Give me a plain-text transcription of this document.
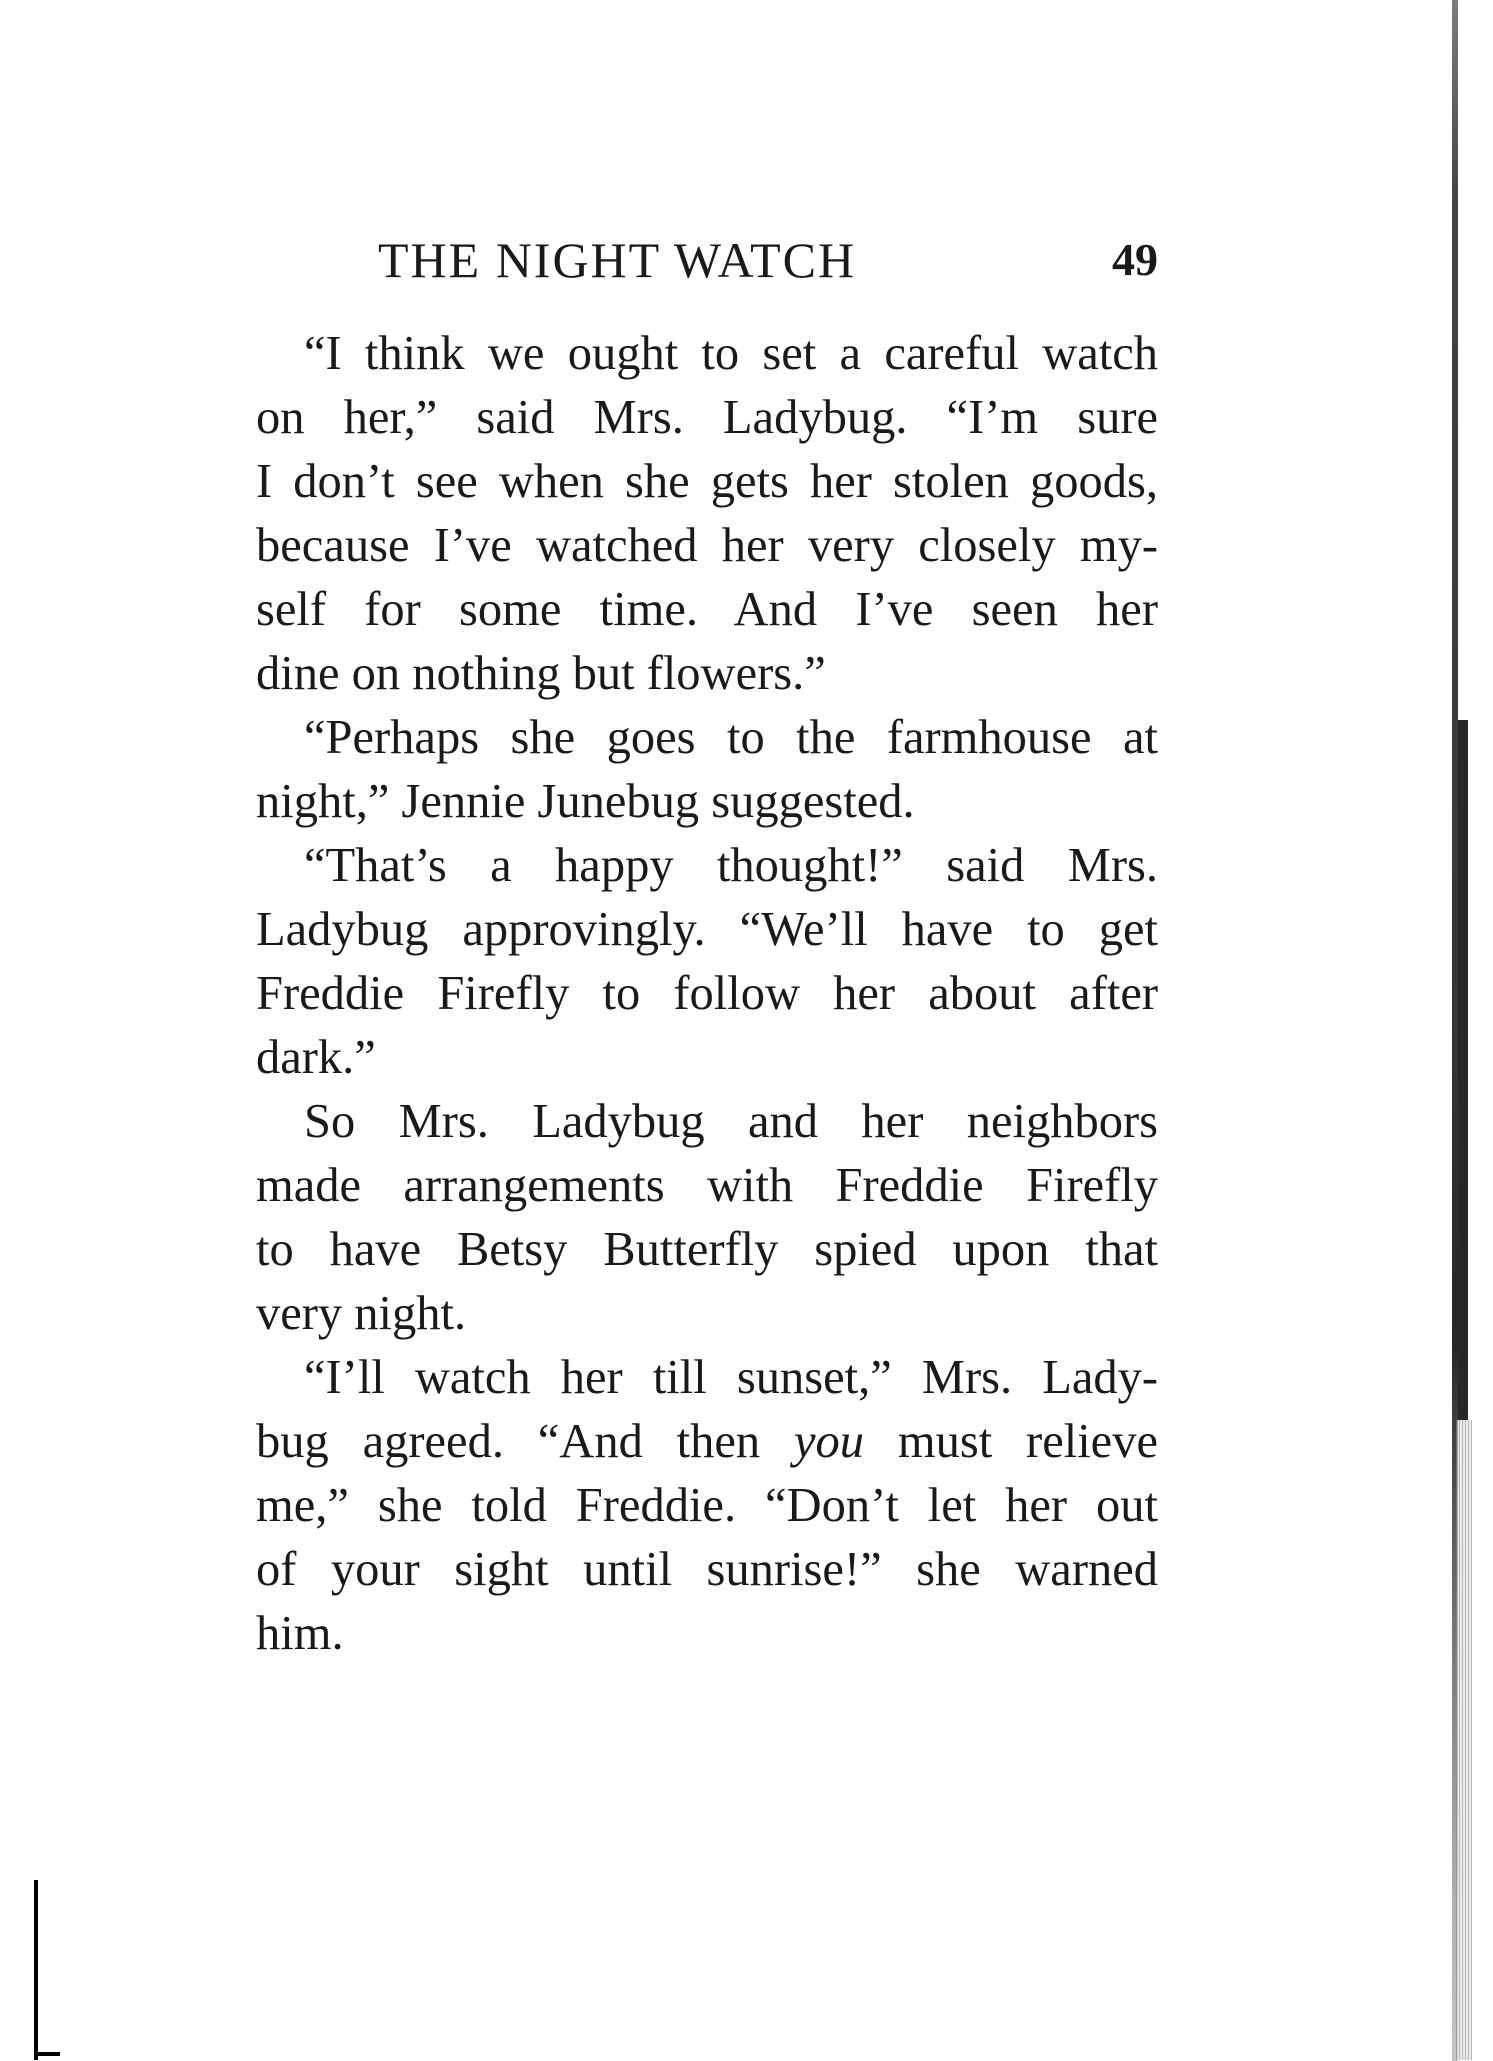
THE NIGHT WATCH	49
“I think we ought to set a careful watch
on her,” said Mrs. Ladybug. “I’m sure
I don’t see when she gets her stolen goods,
because I’ve watched her very closely my-
self for some time. And I’ve seen her
dine on nothing but flowers.”
“Perhaps she goes to the farmhouse at
night,” Jennie Junebug suggested.
“That’s a happy thought!” said Mrs.
Ladybug approvingly. “We’ll have to get
Freddie Firefly to follow her about after
dark.”
So Mrs. Ladybug and her neighbors
made arrangements with Freddie Firefly
to have Betsy Butterfly spied upon that
very night.
“I’ll watch her till sunset,” Mrs. Lady-
bug agreed. “And then you must relieve
me,” she told Freddie. “Don’t let her out
of your sight until sunrise!” she warned
him.
